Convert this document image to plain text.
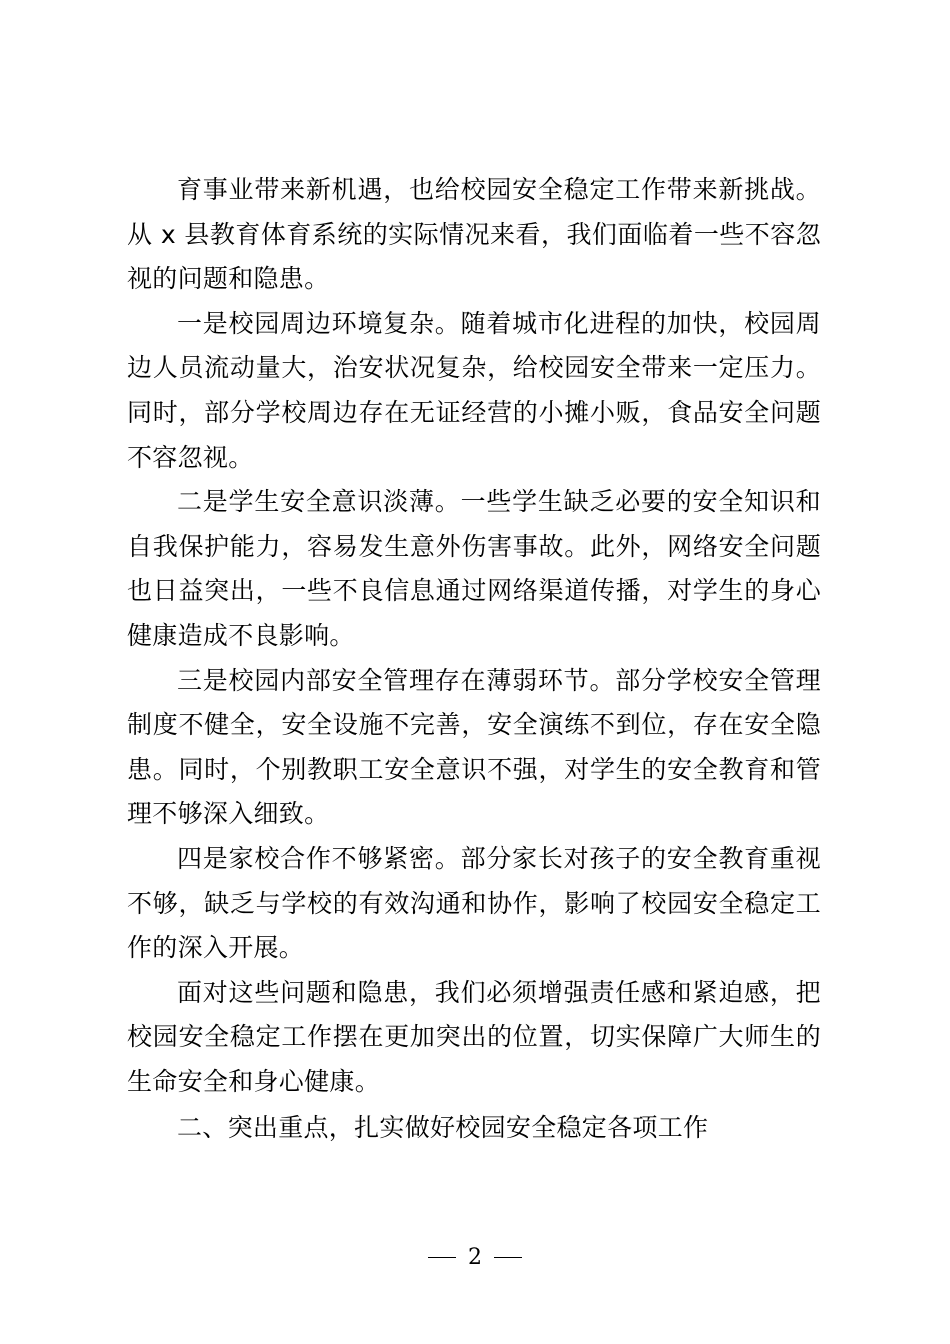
育事业带来新机遇，也给校园安全稳定工作带来新挑战。从 x 县教育体育系统的实际情况来看，我们面临着一些不容忽视的问题和隐患。

一是校园周边环境复杂。随着城市化进程的加快，校园周边人员流动量大，治安状况复杂，给校园安全带来一定压力。同时，部分学校周边存在无证经营的小摊小贩，食品安全问题不容忽视。

二是学生安全意识淡薄。一些学生缺乏必要的安全知识和自我保护能力，容易发生意外伤害事故。此外，网络安全问题也日益突出，一些不良信息通过网络渠道传播，对学生的身心健康造成不良影响。

三是校园内部安全管理存在薄弱环节。部分学校安全管理制度不健全，安全设施不完善，安全演练不到位，存在安全隐患。同时，个别教职工安全意识不强，对学生的安全教育和管理不够深入细致。

四是家校合作不够紧密。部分家长对孩子的安全教育重视不够，缺乏与学校的有效沟通和协作，影响了校园安全稳定工作的深入开展。

面对这些问题和隐患，我们必须增强责任感和紧迫感，把校园安全稳定工作摆在更加突出的位置，切实保障广大师生的生命安全和身心健康。

二、突出重点，扎实做好校园安全稳定各项工作

2
